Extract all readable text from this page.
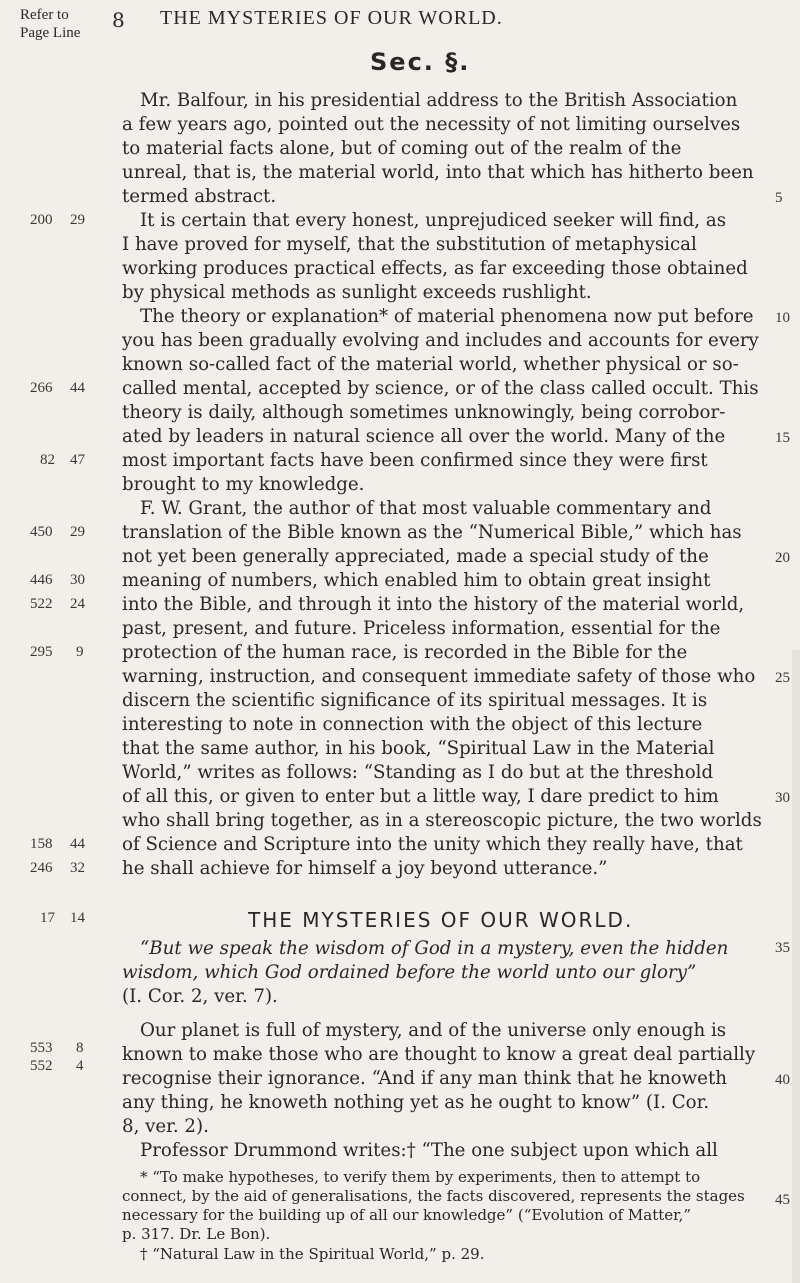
Refer to
Page Line
8 THE MYSTERIES OF OUR WORLD.
Sec. §.
Mr. Balfour, in his presidential address to the British Association
a few years ago, pointed out the necessity of not limiting ourselves
to material facts alone, but of coming out of the realm of the
unreal, that is, the material world, into that which has hitherto been
termed abstract.
It is certain that every honest, unprejudiced seeker will find, as
I have proved for myself, that the substitution of metaphysical
working produces practical effects, as far exceeding those obtained
by physical methods as sunlight exceeds rushlight.
The theory or explanation* of material phenomena now put before
you has been gradually evolving and includes and accounts for every
known so-called fact of the material world, whether physical or so-
called mental, accepted by science, or of the class called occult. This
theory is daily, although sometimes unknowingly, being corrobor-
ated by leaders in natural science all over the world. Many of the
most important facts have been confirmed since they were first
brought to my knowledge.
F. W. Grant, the author of that most valuable commentary and
translation of the Bible known as the “Numerical Bible,” which has
not yet been generally appreciated, made a special study of the
meaning of numbers, which enabled him to obtain great insight
into the Bible, and through it into the history of the material world,
past, present, and future. Priceless information, essential for the
protection of the human race, is recorded in the Bible for the
warning, instruction, and consequent immediate safety of those who
discern the scientific significance of its spiritual messages. It is
interesting to note in connection with the object of this lecture
that the same author, in his book, “Spiritual Law in the Material
World,” writes as follows: “Standing as I do but at the threshold
of all this, or given to enter but a little way, I dare predict to him
who shall bring together, as in a stereoscopic picture, the two worlds
of Science and Scripture into the unity which they really have, that
he shall achieve for himself a joy beyond utterance.”
THE MYSTERIES OF OUR WORLD.
“But we speak the wisdom of God in a mystery, even the hidden
wisdom, which God ordained before the world unto our glory”
(I. Cor. 2, ver. 7).
Our planet is full of mystery, and of the universe only enough is
known to make those who are thought to know a great deal partially
recognise their ignorance. “And if any man think that he knoweth
any thing, he knoweth nothing yet as he ought to know” (I. Cor.
8, ver. 2).
Professor Drummond writes:† “The one subject upon which all
* “To make hypotheses, to verify them by experiments, then to attempt to
connect, by the aid of generalisations, the facts discovered, represents the stages
necessary for the building up of all our knowledge” (“Evolution of Matter,”
p. 317. Dr. Le Bon).
† “Natural Law in the Spiritual World,” p. 29.
200 29
266 44
82 47
450 29
446 30
522 24
295 9
158 44
246 32
17 14
553 8
552 4
5
10
15
20
25
30
35
40
45
